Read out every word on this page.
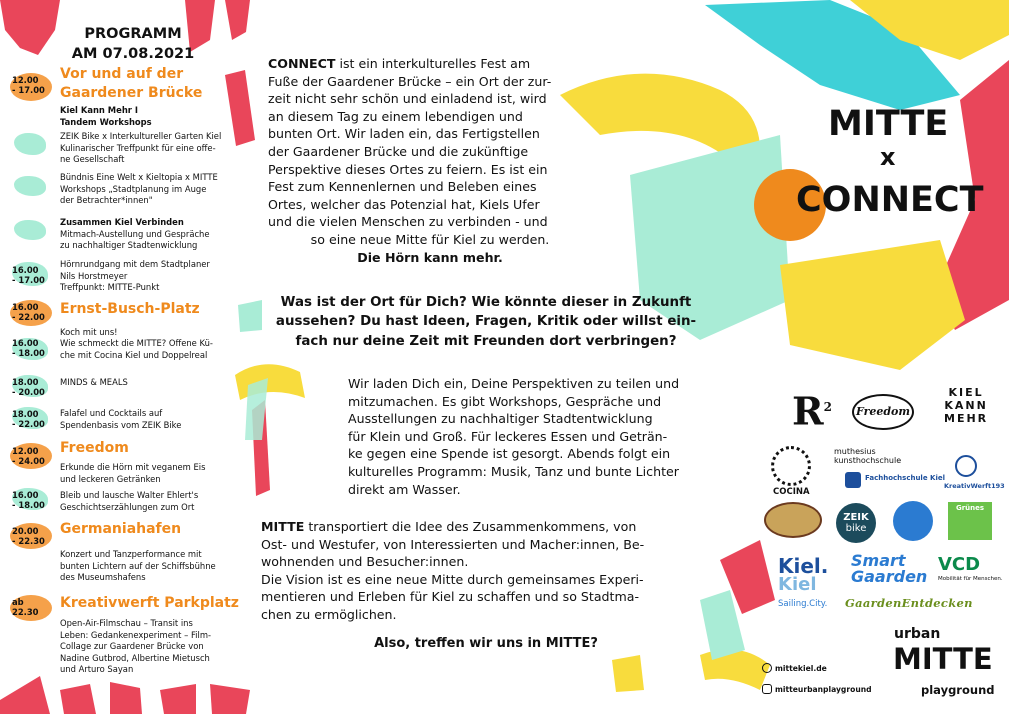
PROGRAMM
AM 07.08.2021
12.00
- 17.00
Vor und auf der
Gaardener Brücke
Kiel Kann Mehr I
Tandem Workshops
ZEIK Bike x Interkultureller Garten Kiel
Kulinarischer Treffpunkt für eine offe-
ne Gesellschaft
Bündnis Eine Welt x Kieltopia x MITTE
Workshops „Stadtplanung im Auge
der Betrachter*innen"
Zusammen Kiel Verbinden
Mitmach-Austellung und Gespräche
zu nachhaltiger Stadtenwicklung
16.00
- 17.00
Hörnrundgang mit dem Stadtplaner
Nils Horstmeyer
Treffpunkt: MITTE-Punkt
16.00
- 22.00	Ernst-Busch-Platz
Koch mit uns!
16.00
- 18.00
Wie schmeckt die MITTE? Offene Kü-
che mit Cocina Kiel und Doppelreal
18.00
- 20.00
MINDS & MEALS
18.00
- 22.00
Falafel und Cocktails auf
Spendenbasis vom ZEIK Bike
12.00
- 24.00
Freedom
Erkunde die Hörn mit veganem Eis
und leckeren Getränken
16.00
- 18.00
Bleib und lausche Walter Ehlert's
Geschichtserzählungen zum Ort
20.00
- 22.30
Germaniahafen
Konzert und Tanzperformance mit
bunten Lichtern auf der Schiffsbühne
des Museumshafens
ab
22.30
Kreativwerft Parkplatz
Open-Air-Filmschau – Transit ins
Leben: Gedankenexperiment – Film-
Collage zur Gaardener Brücke von
Nadine Gutbrod, Albertine Mietusch
und Arturo Sayan
CONNECT ist ein interkulturelles Fest am
Fuße der Gaardener Brücke – ein Ort der zur-
zeit nicht sehr schön und einladend ist, wird
an diesem Tag zu einem lebendigen und
bunten Ort. Wir laden ein, das Fertigstellen
der Gaardener Brücke und die zukünftige
Perspektive dieses Ortes zu feiern. Es ist ein
Fest zum Kennenlernen und Beleben eines
Ortes, welcher das Potenzial hat, Kiels Ufer
und die vielen Menschen zu verbinden - und
so eine neue Mitte für Kiel zu werden.
Die Hörn kann mehr.
Was ist der Ort für Dich? Wie könnte dieser in Zukunft
aussehen? Du hast Ideen, Fragen, Kritik oder willst ein-
fach nur deine Zeit mit Freunden dort verbringen?
Wir laden Dich ein, Deine Perspektiven zu teilen und
mitzumachen. Es gibt Workshops, Gespräche und
Ausstellungen zu nachhaltiger Stadtentwicklung
für Klein und Groß. Für leckeres Essen und Geträn-
ke gegen eine Spende ist gesorgt. Abends folgt ein
kulturelles Programm: Musik, Tanz und bunte Lichter
direkt am Wasser.
MITTE transportiert die Idee des Zusammenkommens, von
Ost- und Westufer, von Interessierten und Macher:innen, Be-
wohnenden und Besucher:innen.
Die Vision ist es eine neue Mitte durch gemeinsames Experi-
mentieren und Erleben für Kiel zu schaffen und so Stadtma-
chen zu ermöglichen.
Also, treffen wir uns in MITTE?
MITTE
x
CONNECT
$R^2$	Freedom
KIEL
KANN
MEHR
COCINA
muthesius
kunsthochschule
Fachhochschule Kiel
KreativWerft193
ZEIK
bike
Grünes
Kiel.
Kiel
Sailing.City.
Smart
Gaarden
VCD
Mobilität für Menschen.
GaardenEntdecken
mittekiel.de
mitteurbanplayground
urban
MITTE
playground
